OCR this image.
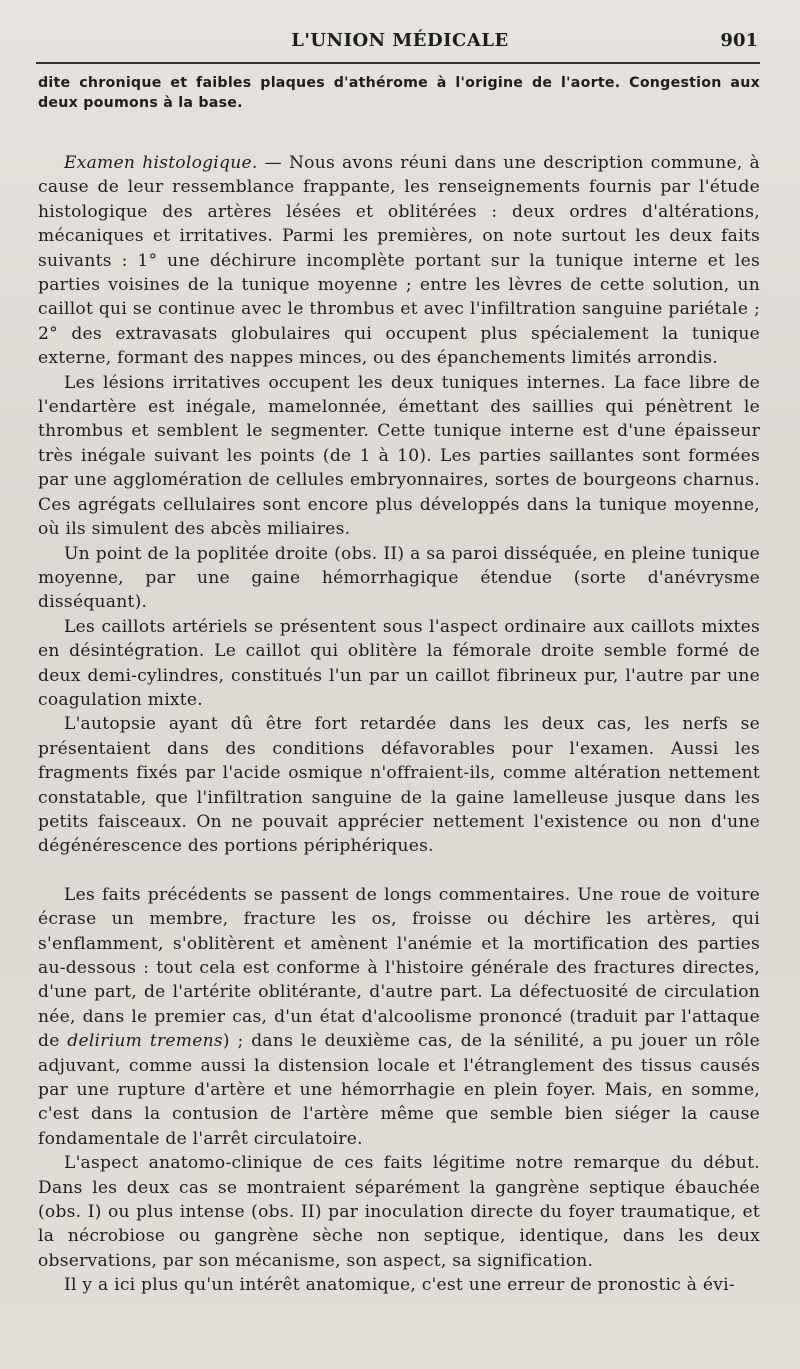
L'UNION MÉDICALE	901

dite chronique et faibles plaques d'athérome à l'origine de l'aorte. Congestion aux deux poumons à la base.

Examen histologique. — Nous avons réuni dans une description commune, à cause de leur ressemblance frappante, les renseignements fournis par l'étude histologique des artères lésées et oblitérées : deux ordres d'altérations, mécaniques et irritatives. Parmi les premières, on note surtout les deux faits suivants : 1° une déchirure incomplète portant sur la tunique interne et les parties voisines de la tunique moyenne ; entre les lèvres de cette solution, un caillot qui se continue avec le thrombus et avec l'infiltration sanguine pariétale ; 2° des extravasats globulaires qui occupent plus spécialement la tunique externe, formant des nappes minces, ou des épanchements limités arrondis.

Les lésions irritatives occupent les deux tuniques internes. La face libre de l'endartère est inégale, mamelonnée, émettant des saillies qui pénètrent le thrombus et semblent le segmenter. Cette tunique interne est d'une épaisseur très inégale suivant les points (de 1 à 10). Les parties saillantes sont formées par une agglomération de cellules embryonnaires, sortes de bourgeons charnus. Ces agrégats cellulaires sont encore plus développés dans la tunique moyenne, où ils simulent des abcès miliaires.

Un point de la poplitée droite (obs. II) a sa paroi disséquée, en pleine tunique moyenne, par une gaine hémorrhagique étendue (sorte d'anévrysme disséquant).

Les caillots artériels se présentent sous l'aspect ordinaire aux caillots mixtes en désintégration. Le caillot qui oblitère la fémorale droite semble formé de deux demi-cylindres, constitués l'un par un caillot fibrineux pur, l'autre par une coagulation mixte.

L'autopsie ayant dû être fort retardée dans les deux cas, les nerfs se présentaient dans des conditions défavorables pour l'examen. Aussi les fragments fixés par l'acide osmique n'offraient-ils, comme altération nettement constatable, que l'infiltration sanguine de la gaine lamelleuse jusque dans les petits faisceaux. On ne pouvait apprécier nettement l'existence ou non d'une dégénérescence des portions périphériques.

Les faits précédents se passent de longs commentaires. Une roue de voiture écrase un membre, fracture les os, froisse ou déchire les artères, qui s'enflamment, s'oblitèrent et amènent l'anémie et la mortification des parties au-dessous : tout cela est conforme à l'histoire générale des fractures directes, d'une part, de l'artérite oblitérante, d'autre part. La défectuosité de circulation née, dans le premier cas, d'un état d'alcoolisme prononcé (traduit par l'attaque de delirium tremens) ; dans le deuxième cas, de la sénilité, a pu jouer un rôle adjuvant, comme aussi la distension locale et l'étranglement des tissus causés par une rupture d'artère et une hémorrhagie en plein foyer. Mais, en somme, c'est dans la contusion de l'artère même que semble bien siéger la cause fondamentale de l'arrêt circulatoire.

L'aspect anatomo-clinique de ces faits légitime notre remarque du début. Dans les deux cas se montraient séparément la gangrène septique ébauchée (obs. I) ou plus intense (obs. II) par inoculation directe du foyer traumatique, et la nécrobiose ou gangrène sèche non septique, identique, dans les deux observations, par son mécanisme, son aspect, sa signification.

Il y a ici plus qu'un intérêt anatomique, c'est une erreur de pronostic à évi-
